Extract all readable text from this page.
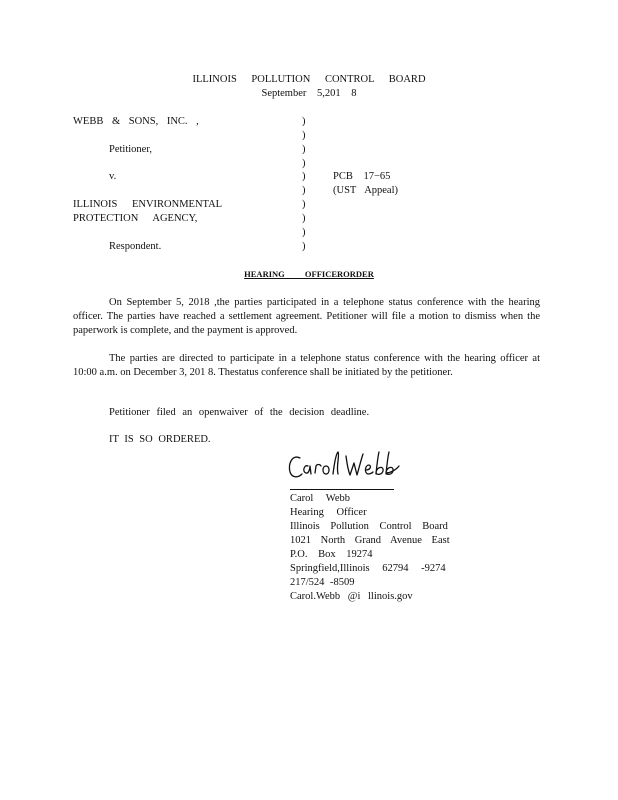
ILLINOIS POLLUTION CONTROL BOARD
September 5,201 8
WEBB & SONS, INC. ,
Petitioner,
v.
ILLINOIS ENVIRONMENTAL
PROTECTION AGENCY,
Respondent.
)
)
)
)
)
)
)
)
)
)
PCB 17−65
(UST Appeal)
HEARING OFFICERORDER
On September 5, 2018 ,the parties participated in a telephone status conference with the hearing officer. The parties have reached a settlement agreement. Petitioner will file a motion to dismiss when the paperwork is complete, and the payment is approved.
The parties are directed to participate in a telephone status conference with the hearing officer at 10:00 a.m. on December 3, 201 8. Thestatus conference shall be initiated by the petitioner.
Petitioner filed an openwaiver of the decision deadline.
IT IS SO ORDERED.
Carol Webb
Hearing Officer
Illinois Pollution Control Board
1021 North Grand Avenue East
P.O. Box 19274
Springfield,Illinois 62794 -9274
217/524 -8509
Carol.Webb @i llinois.gov
